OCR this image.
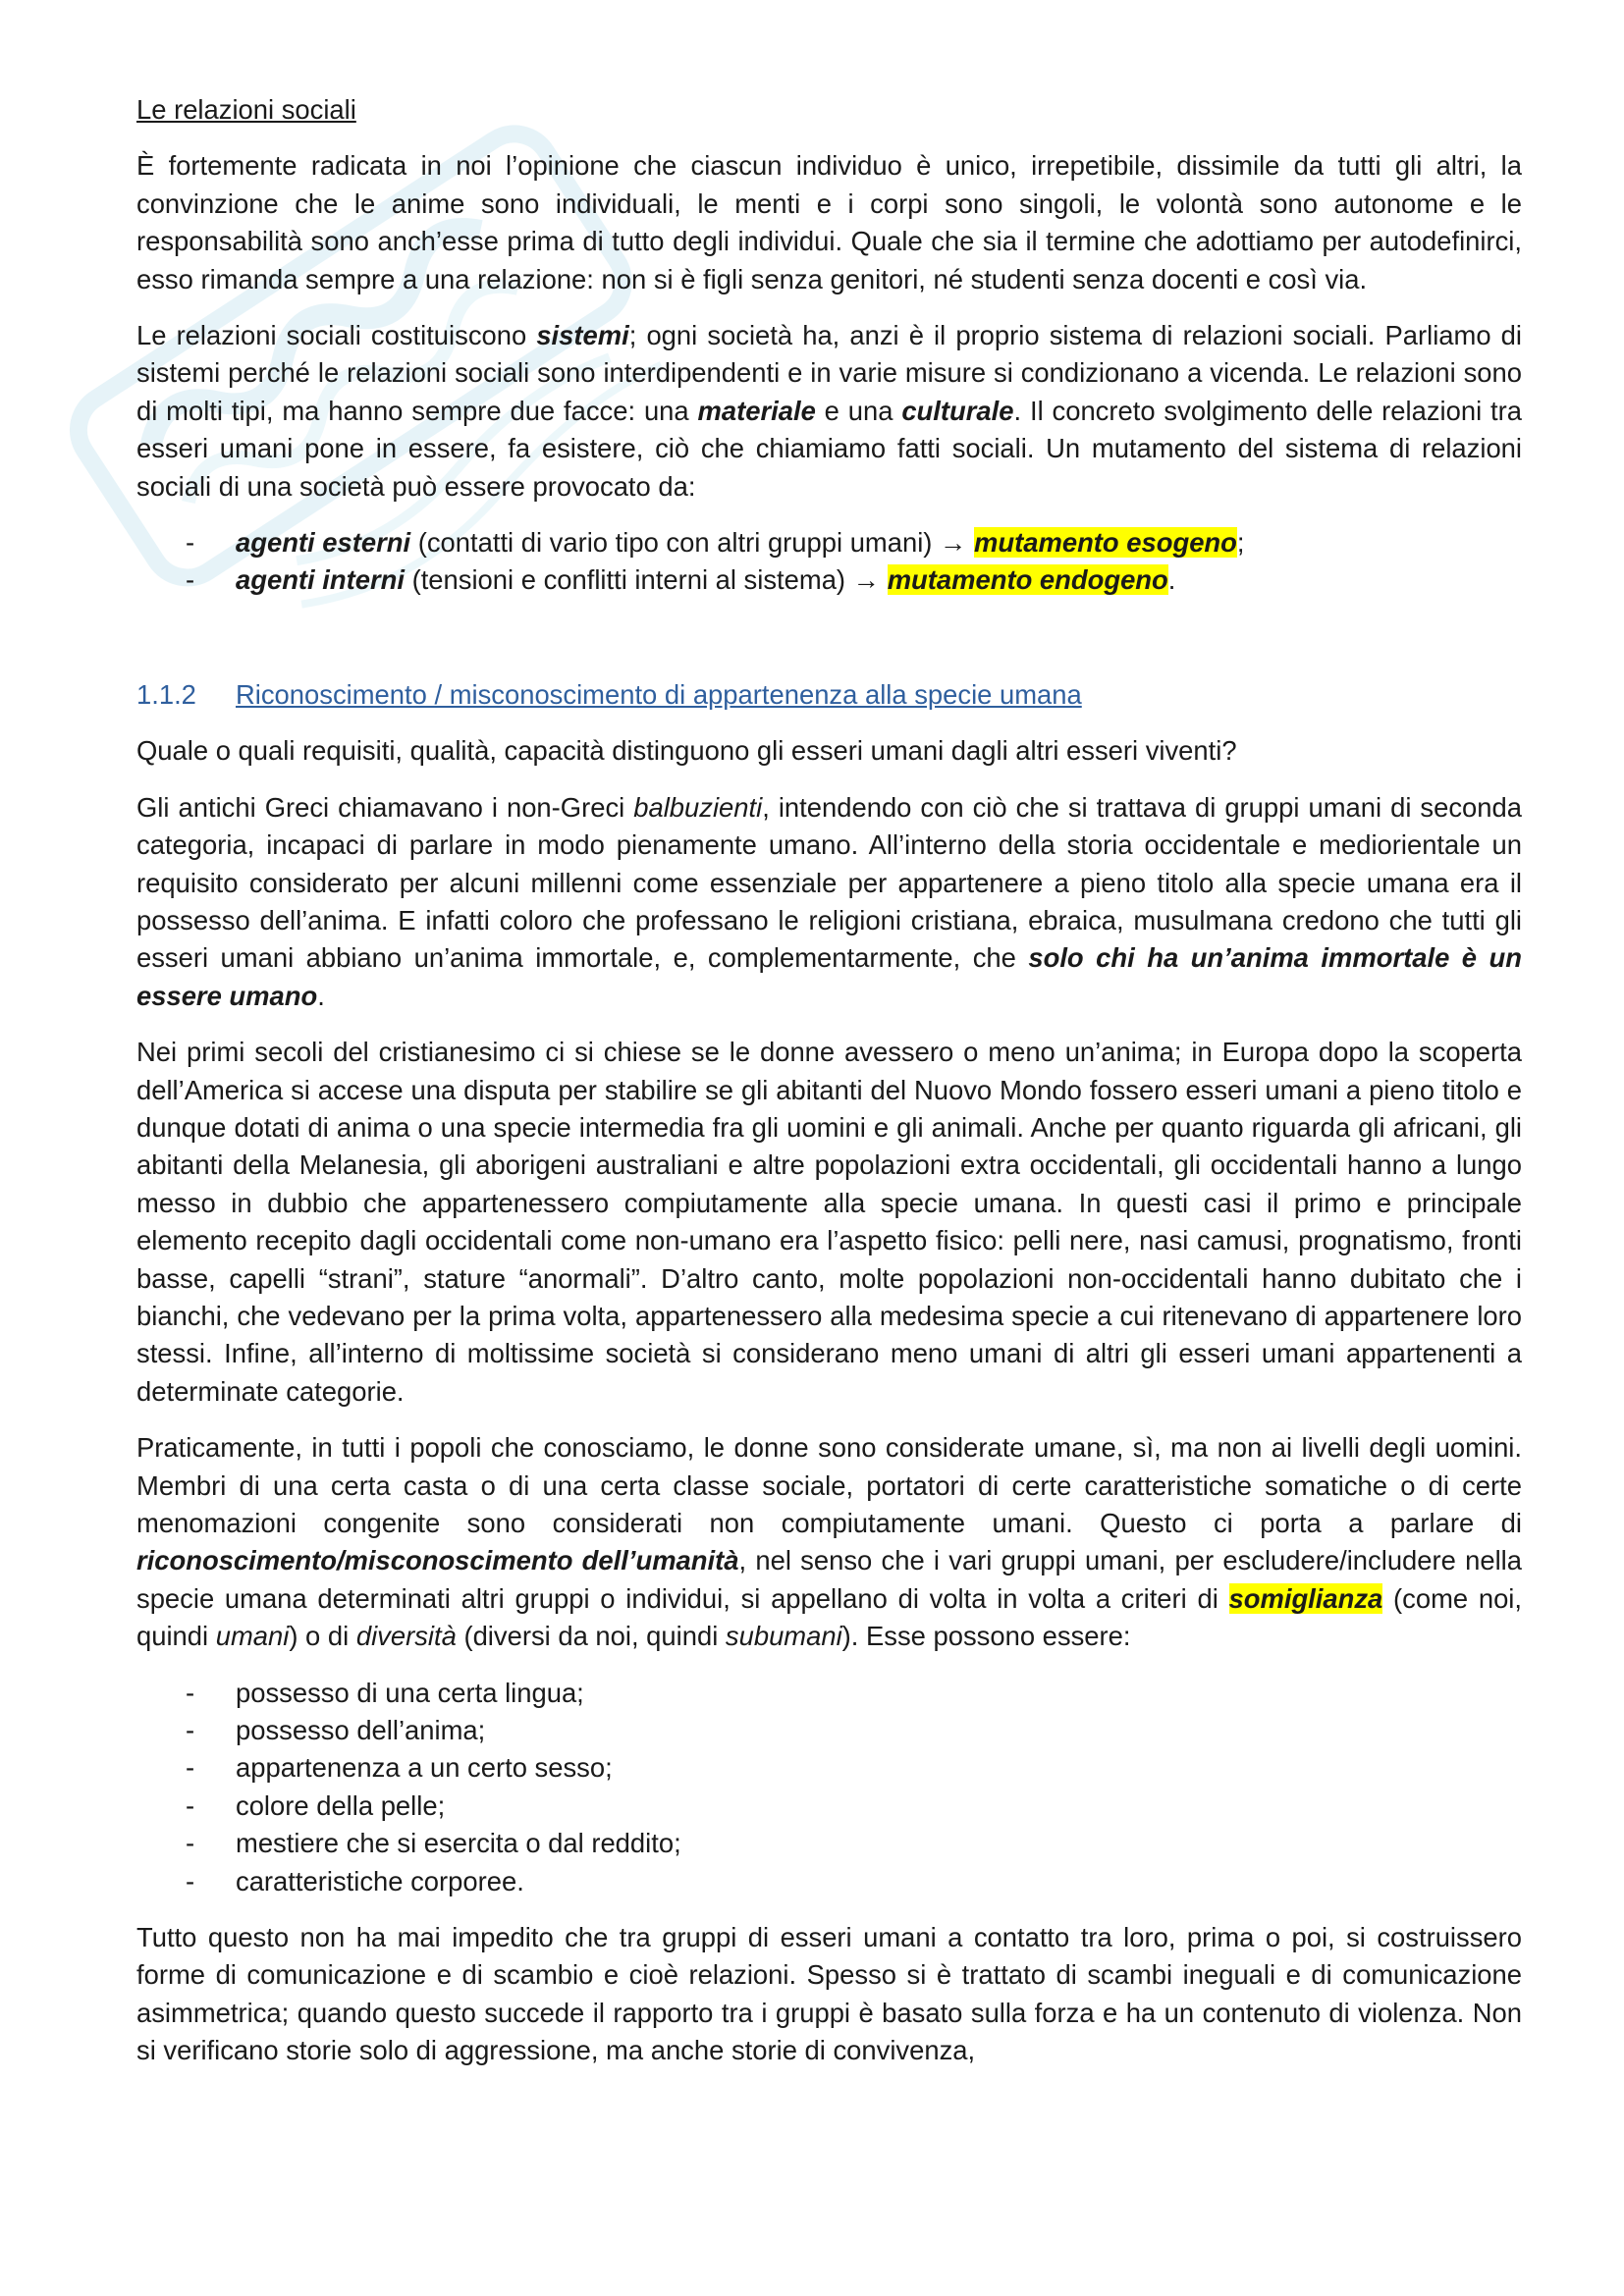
Le relazioni sociali

È fortemente radicata in noi l’opinione che ciascun individuo è unico, irrepetibile, dissimile da tutti gli altri, la convinzione che le anime sono individuali, le menti e i corpi sono singoli, le volontà sono autonome e le responsabilità sono anch’esse prima di tutto degli individui. Quale che sia il termine che adottiamo per autodefinirci, esso rimanda sempre a una relazione: non si è figli senza genitori, né studenti senza docenti e così via.

Le relazioni sociali costituiscono sistemi; ogni società ha, anzi è il proprio sistema di relazioni sociali. Parliamo di sistemi perché le relazioni sociali sono interdipendenti e in varie misure si condizionano a vicenda. Le relazioni sono di molti tipi, ma hanno sempre due facce: una materiale e una culturale. Il concreto svolgimento delle relazioni tra esseri umani pone in essere, fa esistere, ciò che chiamiamo fatti sociali. Un mutamento del sistema di relazioni sociali di una società può essere provocato da:

- agenti esterni (contatti di vario tipo con altri gruppi umani) → mutamento esogeno;
- agenti interni (tensioni e conflitti interni al sistema) → mutamento endogeno.

1.1.2 Riconoscimento / misconoscimento di appartenenza alla specie umana

Quale o quali requisiti, qualità, capacità distinguono gli esseri umani dagli altri esseri viventi?

Gli antichi Greci chiamavano i non-Greci balbuzienti, intendendo con ciò che si trattava di gruppi umani di seconda categoria, incapaci di parlare in modo pienamente umano. All’interno della storia occidentale e mediorientale un requisito considerato per alcuni millenni come essenziale per appartenere a pieno titolo alla specie umana era il possesso dell’anima. E infatti coloro che professano le religioni cristiana, ebraica, musulmana credono che tutti gli esseri umani abbiano un’anima immortale, e, complementarmente, che solo chi ha un’anima immortale è un essere umano.

Nei primi secoli del cristianesimo ci si chiese se le donne avessero o meno un’anima; in Europa dopo la scoperta dell’America si accese una disputa per stabilire se gli abitanti del Nuovo Mondo fossero esseri umani a pieno titolo e dunque dotati di anima o una specie intermedia fra gli uomini e gli animali. Anche per quanto riguarda gli africani, gli abitanti della Melanesia, gli aborigeni australiani e altre popolazioni extra occidentali, gli occidentali hanno a lungo messo in dubbio che appartenessero compiutamente alla specie umana. In questi casi il primo e principale elemento recepito dagli occidentali come non-umano era l’aspetto fisico: pelli nere, nasi camusi, prognatismo, fronti basse, capelli “strani”, stature “anormali”. D’altro canto, molte popolazioni non-occidentali hanno dubitato che i bianchi, che vedevano per la prima volta, appartenessero alla medesima specie a cui ritenevano di appartenere loro stessi. Infine, all’interno di moltissime società si considerano meno umani di altri gli esseri umani appartenenti a determinate categorie.

Praticamente, in tutti i popoli che conosciamo, le donne sono considerate umane, sì, ma non ai livelli degli uomini. Membri di una certa casta o di una certa classe sociale, portatori di certe caratteristiche somatiche o di certe menomazioni congenite sono considerati non compiutamente umani. Questo ci porta a parlare di riconoscimento/misconoscimento dell’umanità, nel senso che i vari gruppi umani, per escludere/includere nella specie umana determinati altri gruppi o individui, si appellano di volta in volta a criteri di somiglianza (come noi, quindi umani) o di diversità (diversi da noi, quindi subumani). Esse possono essere:

- possesso di una certa lingua;
- possesso dell’anima;
- appartenenza a un certo sesso;
- colore della pelle;
- mestiere che si esercita o dal reddito;
- caratteristiche corporee.

Tutto questo non ha mai impedito che tra gruppi di esseri umani a contatto tra loro, prima o poi, si costruissero forme di comunicazione e di scambio e cioè relazioni. Spesso si è trattato di scambi ineguali e di comunicazione asimmetrica; quando questo succede il rapporto tra i gruppi è basato sulla forza e ha un contenuto di violenza. Non si verificano storie solo di aggressione, ma anche storie di convivenza,
